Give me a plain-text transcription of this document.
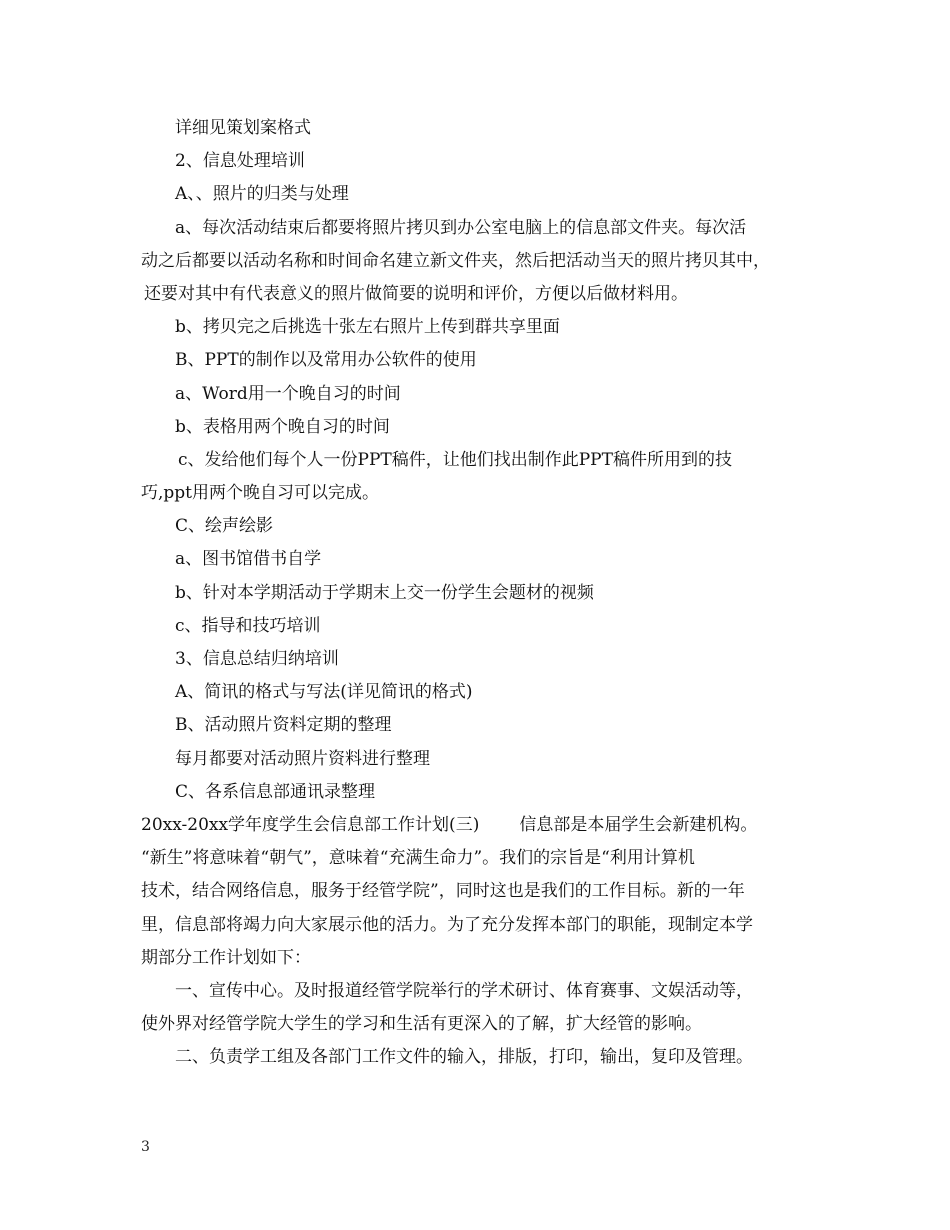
详细见策划案格式
2、信息处理培训
A、、照片的归类与处理
a、每次活动结束后都要将照片拷贝到办公室电脑上的信息部文件夹。每次活
动之后都要以活动名称和时间命名建立新文件夹，然后把活动当天的照片拷贝其中，
还要对其中有代表意义的照片做简要的说明和评价，方便以后做材料用。
b、拷贝完之后挑选十张左右照片上传到群共享里面
B、PPT的制作以及常用办公软件的使用
a、Word用一个晚自习的时间
b、表格用两个晚自习的时间
c、发给他们每个人一份PPT稿件，让他们找出制作此PPT稿件所用到的技
巧,ppt用两个晚自习可以完成。
C、绘声绘影
a、图书馆借书自学
b、针对本学期活动于学期末上交一份学生会题材的视频
c、指导和技巧培训
3、信息总结归纳培训
A、简讯的格式与写法(详见简讯的格式)
B、活动照片资料定期的整理
每月都要对活动照片资料进行整理
C、各系信息部通讯录整理
20xx-20xx学年度学生会信息部工作计划(三) 信息部是本届学生会新建机构。
“新生”将意味着“朝气”，意味着“充满生命力”。我们的宗旨是“利用计算机
技术，结合网络信息，服务于经管学院”，同时这也是我们的工作目标。新的一年
里，信息部将竭力向大家展示他的活力。为了充分发挥本部门的职能，现制定本学
期部分工作计划如下：
一、宣传中心。及时报道经管学院举行的学术研讨、体育赛事、文娱活动等，
使外界对经管学院大学生的学习和生活有更深入的了解，扩大经管的影响。
二、负责学工组及各部门工作文件的输入，排版，打印，输出，复印及管理。
3
